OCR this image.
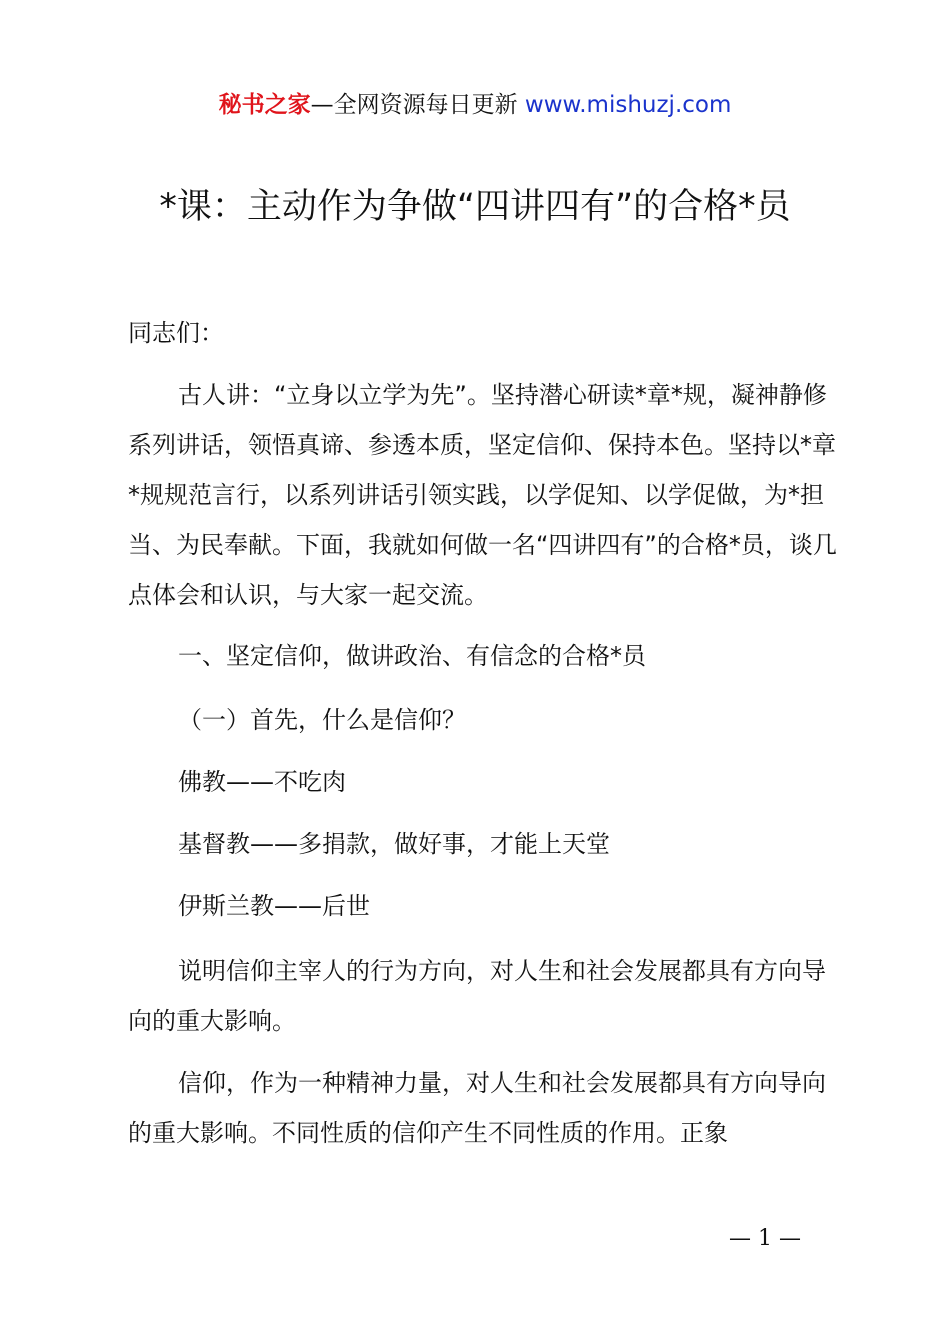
秘书之家—全网资源每日更新 www.mishuzj.com
*课：主动作为争做“四讲四有”的合格*员

同志们：

古人讲：“立身以立学为先”。坚持潜心研读*章*规，凝神静修系列讲话，领悟真谛、参透本质，坚定信仰、保持本色。坚持以*章*规规范言行，以系列讲话引领实践，以学促知、以学促做，为*担当、为民奉献。下面，我就如何做一名“四讲四有”的合格*员，谈几点体会和认识，与大家一起交流。

一、坚定信仰，做讲政治、有信念的合格*员

（一）首先，什么是信仰？

佛教——不吃肉

基督教——多捐款，做好事，才能上天堂

伊斯兰教——后世

说明信仰主宰人的行为方向，对人生和社会发展都具有方向导向的重大影响。

信仰，作为一种精神力量，对人生和社会发展都具有方向导向的重大影响。不同性质的信仰产生不同性质的作用。正象

— 1 —
